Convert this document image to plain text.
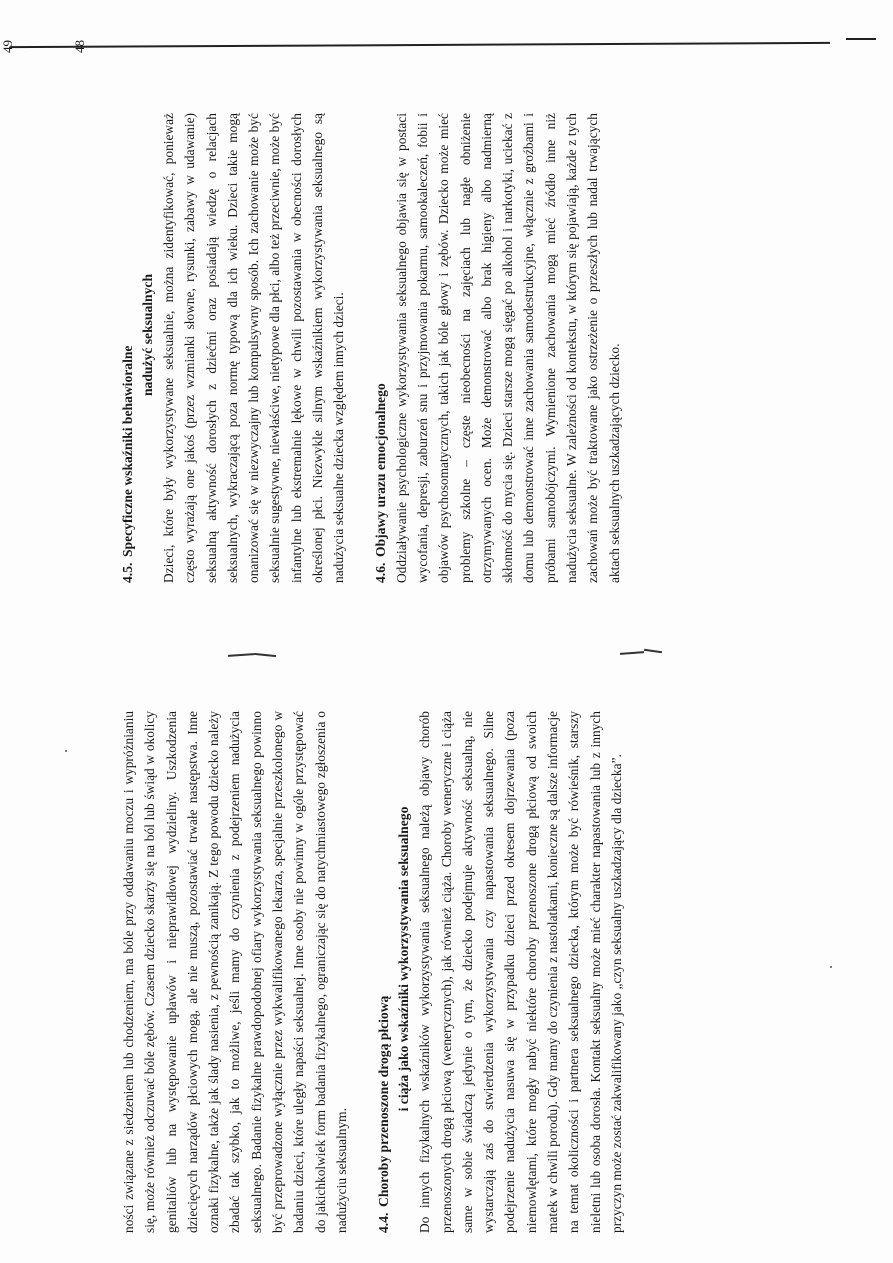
ności związane z siedzeniem lub chodzeniem, ma bóle przy oddawaniu moczu i wypróżnianiu się, może również odczuwać bóle zębów. Czasem dziecko skarży się na ból lub świąd w okolicy genitaliów lub na występowanie upławów i nieprawidłowej wydzieliny. Uszkodzenia dziecięcych narządów płciowych mogą, ale nie muszą, pozostawiać trwałe następstwa. Inne oznaki fizykalne, także jak ślady nasienia, z pewnością zanikają. Z tego powodu dziecko należy zbadać tak szybko, jak to możliwe, jeśli mamy do czynienia z podejrzeniem nadużycia seksualnego. Badanie fizykalne prawdopodobnej ofiary wykorzystywania seksualnego powinno być przeprowadzone wyłącznie przez wykwalifikowanego lekarza, specjalnie przeszkolonego w badaniu dzieci, które uległy napaści seksualnej. Inne osoby nie powinny w ogóle przystępować do jakichkolwiek form badania fizykalnego, ograniczając się do natychmiastowego zgłoszenia o nadużyciu seksualnym. 4.4.Choroby przenoszone drogą płciową i ciąża jako wskaźniki wykorzystywania seksualnego Do innych fizykalnych wskaźników wykorzystywania seksualnego należą objawy chorób przenoszonych drogą płciową (wenerycznych), jak również ciąża. Choroby weneryczne i ciąża same w sobie świadczą jedynie o tym, że dziecko podejmuje aktywność seksualną, nie wystarczają zaś do stwierdzenia wykorzystywania czy napastowania seksualnego. Silne podejrzenie nadużycia nasuwa się w przypadku dzieci przed okresem dojrzewania (poza niemowlętami, które mogły nabyć niektóre choroby przenoszone drogą płciową od swoich matek w chwili porodu). Gdy mamy do czynienia z nastolatkami, konieczne są dalsze informacje na temat okoliczności i partnera seksualnego dziecka, którym może być rówieśnik, starszy nieletni lub osoba dorosła. Kontakt seksualny może mieć charakter napastowania lub z innych przyczyn może zostać zakwalifikowany jako „czyn seksualny uszkadzający dla dziecka”.

48
4.5.Specyficzne wskaźniki behawioralne
nadużyć seksualnych Dzieci, które były wykorzystywane seksualnie, można zidentyfikować, ponieważ często wyrażają one jakoś (przez wzmianki słowne, rysunki, zabawy w udawanie) seksualną aktywność dorosłych z dziećmi oraz posiadają wiedzę o relacjach seksualnych, wykraczającą poza normę typową dla ich wieku. Dzieci takie mogą onanizować się w niezwyczajny lub kompulsywny sposób. Ich zachowanie może być seksualnie sugestywne, niewłaściwe, nietypowe dla płci, albo też przeciwnie, może być infantylne lub ekstremalnie lękowe w chwili pozostawania w obecności dorosłych określonej płci. Niezwykle silnym wskaźnikiem wykorzystywania seksualnego są nadużycia seksualne dziecka względem innych dzieci. 4.6.Objawy urazu emocjonalnego Oddziaływanie psychologiczne wykorzystywania seksualnego objawia się w postaci wycofania, depresji, zaburzeń snu i przyjmowania pokarmu, samookaleczeń, fobii i objawów psychosomatycznych, takich jak bóle głowy i zębów. Dziecko może mieć problemy szkolne – częste nieobecności na zajęciach lub nagłe obniżenie otrzymywanych ocen. Może demonstrować albo brak higieny albo nadmierną skłonność do mycia się. Dzieci starsze mogą sięgać po alkohol i narkotyki, uciekać z domu lub demonstrować inne zachowania samodestrukcyjne, włącznie z groźbami i próbami samobójczymi. Wymienione zachowania mogą mieć źródło inne niż nadużycia seksualne. W zależności od kontekstu, w którym się pojawiają, każde z tych zachowań może być traktowane jako ostrzeżenie o przeszłych lub nadal trwających aktach seksualnych uszkadzających dziecko.

49
